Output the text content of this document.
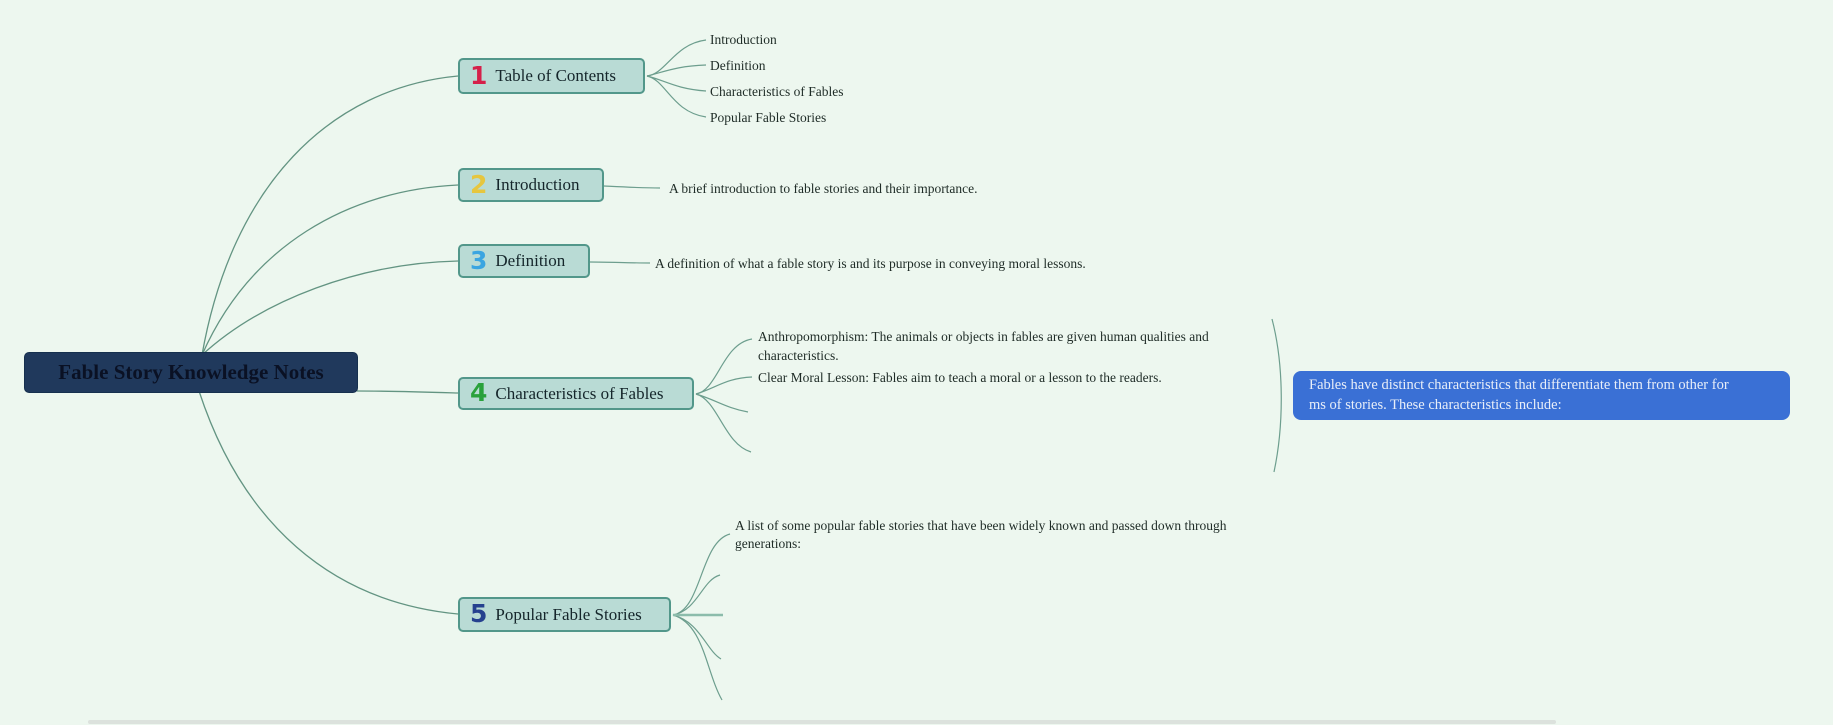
Fable Story Knowledge Notes
1 Table of Contents
Introduction
Definition
Characteristics of Fables
Popular Fable Stories
2 Introduction	A brief introduction to fable stories and their importance.
3 Definition	A definition of what a fable story is and its purpose in conveying moral lessons.
4 Characteristics of Fables
Anthropomorphism: The animals or objects in fables are given human qualities and characteristics.
Clear Moral Lesson: Fables aim to teach a moral or a lesson to the readers.	Fables have distinct characteristics that differentiate them from other for
ms of stories. These characteristics include:
5 Popular Fable Stories
A list of some popular fable stories that have been widely known and passed down through generations:
